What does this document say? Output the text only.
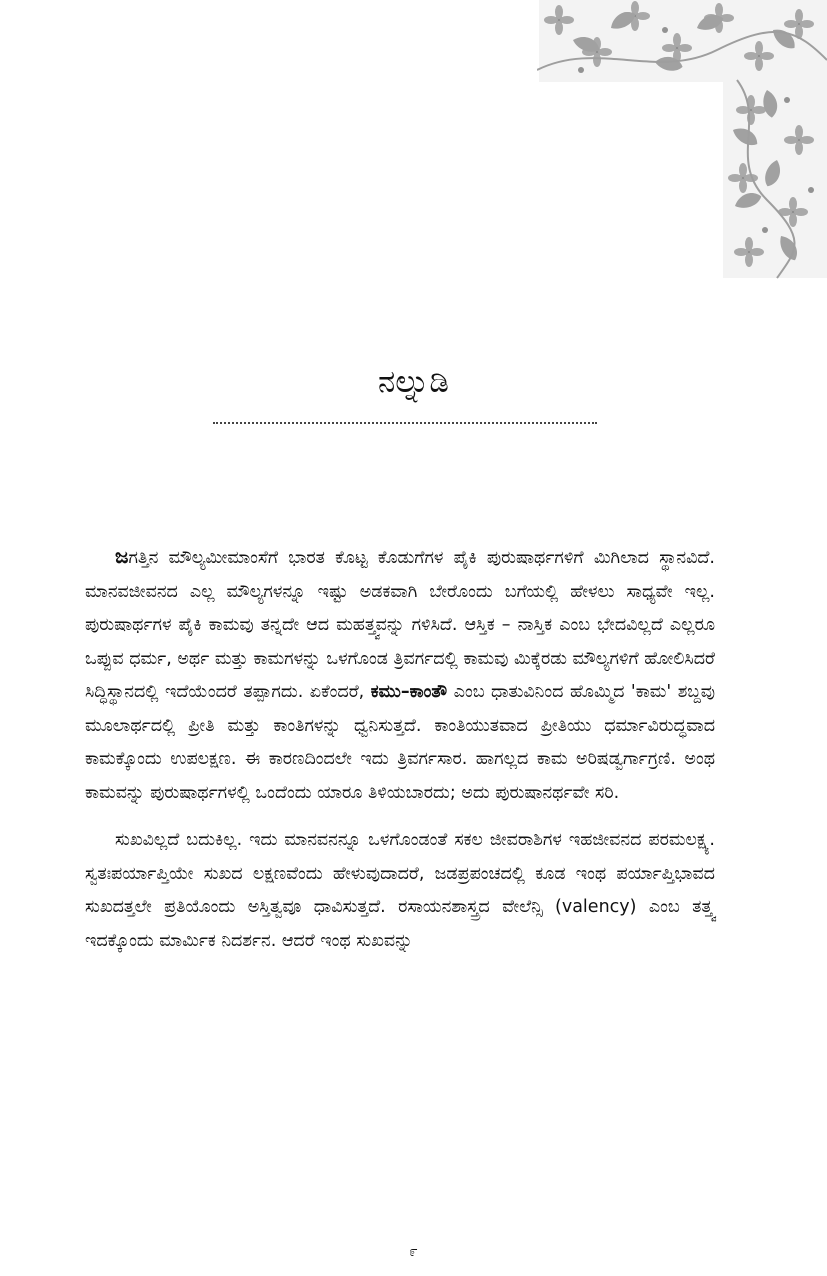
ನಲ್ನುಡಿ

ಜಗತ್ತಿನ ಮೌಲ್ಯಮೀಮಾಂಸೆಗೆ ಭಾರತ ಕೊಟ್ಟ ಕೊಡುಗೆಗಳ ಪೈಕಿ ಪುರುಷಾರ್ಥಗಳಿಗೆ ಮಿಗಿಲಾದ ಸ್ಥಾನವಿದೆ. ಮಾನವಜೀವನದ ಎಲ್ಲ ಮೌಲ್ಯಗಳನ್ನೂ ಇಷ್ಟು ಅಡಕವಾಗಿ ಬೇರೊಂದು ಬಗೆಯಲ್ಲಿ ಹೇಳಲು ಸಾಧ್ಯವೇ ಇಲ್ಲ. ಪುರುಷಾರ್ಥಗಳ ಪೈಕಿ ಕಾಮವು ತನ್ನದೇ ಆದ ಮಹತ್ತ್ವವನ್ನು ಗಳಿಸಿದೆ. ಆಸ್ತಿಕ – ನಾಸ್ತಿಕ ಎಂಬ ಭೇದವಿಲ್ಲದೆ ಎಲ್ಲರೂ ಒಪ್ಪುವ ಧರ್ಮ, ಅರ್ಥ ಮತ್ತು ಕಾಮಗಳನ್ನು ಒಳಗೊಂಡ ತ್ರಿವರ್ಗದಲ್ಲಿ ಕಾಮವು ಮಿಕ್ಕೆರಡು ಮೌಲ್ಯಗಳಿಗೆ ಹೋಲಿಸಿದರೆ ಸಿದ್ಧಿಸ್ಥಾನದಲ್ಲಿ ಇದೆಯೆಂದರೆ ತಪ್ಪಾಗದು. ಏಕೆಂದರೆ, ಕಮು–ಕಾಂತೌ ಎಂಬ ಧಾತುವಿನಿಂದ ಹೊಮ್ಮಿದ 'ಕಾಮ' ಶಬ್ದವು ಮೂಲಾರ್ಥದಲ್ಲಿ ಪ್ರೀತಿ ಮತ್ತು ಕಾಂತಿಗಳನ್ನು ಧ್ವನಿಸುತ್ತದೆ. ಕಾಂತಿಯುತವಾದ ಪ್ರೀತಿಯು ಧರ್ಮಾವಿರುದ್ಧವಾದ ಕಾಮಕ್ಕೊಂದು ಉಪಲಕ್ಷಣ. ಈ ಕಾರಣದಿಂದಲೇ ಇದು ತ್ರಿವರ್ಗಸಾರ. ಹಾಗಲ್ಲದ ಕಾಮ ಅರಿಷಡ್ವರ್ಗಾಗ್ರಣಿ. ಅಂಥ ಕಾಮವನ್ನು ಪುರುಷಾರ್ಥಗಳಲ್ಲಿ ಒಂದೆಂದು ಯಾರೂ ತಿಳಿಯಬಾರದು; ಅದು ಪುರುಷಾನರ್ಥವೇ ಸರಿ.

ಸುಖವಿಲ್ಲದೆ ಬದುಕಿಲ್ಲ. ಇದು ಮಾನವನನ್ನೂ ಒಳಗೊಂಡಂತೆ ಸಕಲ ಜೀವರಾಶಿಗಳ ಇಹಜೀವನದ ಪರಮಲಕ್ಷ್ಯ. ಸ್ವತಃಪರ್ಯಾಪ್ತಿಯೇ ಸುಖದ ಲಕ್ಷಣವೆಂದು ಹೇಳುವುದಾದರೆ, ಜಡಪ್ರಪಂಚದಲ್ಲಿ ಕೂಡ ಇಂಥ ಪರ್ಯಾಪ್ತಿಭಾವದ ಸುಖದತ್ತಲೇ ಪ್ರತಿಯೊಂದು ಅಸ್ತಿತ್ವವೂ ಧಾವಿಸುತ್ತದೆ. ರಸಾಯನಶಾಸ್ತ್ರದ ವೇಲೆನ್ಸಿ (valency) ಎಂಬ ತತ್ತ್ವ ಇದಕ್ಕೊಂದು ಮಾರ್ಮಿಕ ನಿದರ್ಶನ. ಆದರೆ ಇಂಥ ಸುಖವನ್ನು

೯
